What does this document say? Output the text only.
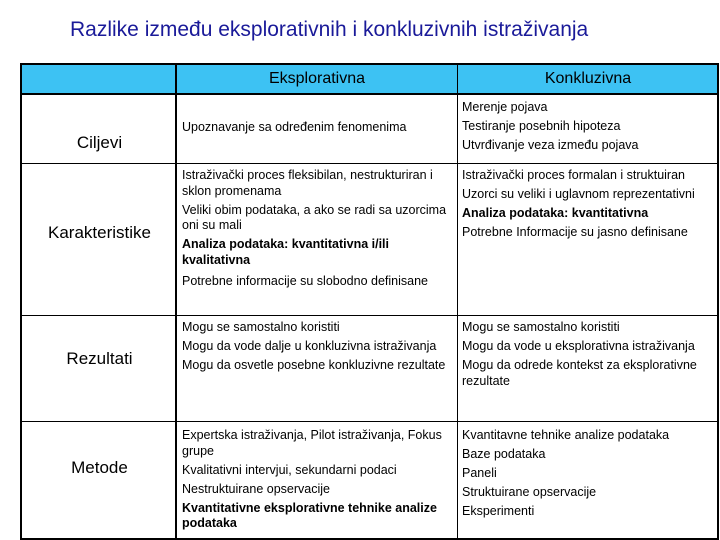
Razlike između eksplorativnih i konkluzivnih istraživanja
Eksplorativna	Konkluzivna
Ciljevi

Upoznavanje sa određenim fenomenima

Merenje pojava

Testiranje posebnih hipoteza

Utvrđivanje veza između pojava

Karakteristike

Istraživački proces fleksibilan, nestrukturiran i sklon promenama

Veliki obim podataka, a ako se radi sa uzorcima oni su mali

Analiza podataka: kvantitativna i/ili kvalitativna

Potrebne informacije su slobodno definisane

Istraživački proces formalan i struktuiran

Uzorci su veliki i uglavnom reprezentativni

Analiza podataka: kvantitativna

Potrebne Informacije su jasno definisane

Rezultati

Mogu se samostalno koristiti

Mogu da vode dalje u konkluzivna istraživanja

Mogu da osvetle posebne konkluzivne rezultate

Mogu se samostalno koristiti

Mogu da vode u eksplorativna istraživanja

Mogu da odrede kontekst za eksplorativne rezultate

Metode

Expertska istraživanja, Pilot istraživanja, Fokus grupe

Kvalitativni intervjui, sekundarni podaci

Nestruktuirane opservacije

Kvantitativne eksplorativne tehnike analize podataka

Kvantitavne tehnike analize podataka

Baze podataka

Paneli

Struktuirane opservacije

Eksperimenti
